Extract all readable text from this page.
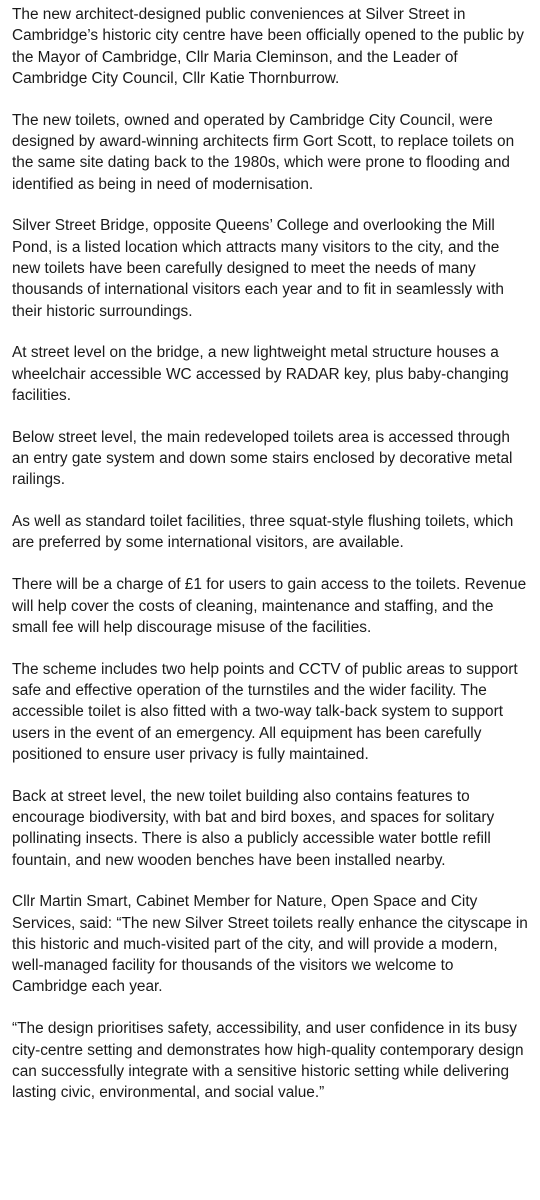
The new architect-designed public conveniences at Silver Street in Cambridge’s historic city centre have been officially opened to the public by the Mayor of Cambridge, Cllr Maria Cleminson, and the Leader of Cambridge City Council, Cllr Katie Thornburrow.

The new toilets, owned and operated by Cambridge City Council, were designed by award-winning architects firm Gort Scott, to replace toilets on the same site dating back to the 1980s, which were prone to flooding and identified as being in need of modernisation.

Silver Street Bridge, opposite Queens’ College and overlooking the Mill Pond, is a listed location which attracts many visitors to the city, and the new toilets have been carefully designed to meet the needs of many thousands of international visitors each year and to fit in seamlessly with their historic surroundings.

At street level on the bridge, a new lightweight metal structure houses a wheelchair accessible WC accessed by RADAR key, plus baby-changing facilities.

Below street level, the main redeveloped toilets area is accessed through an entry gate system and down some stairs enclosed by decorative metal railings.

As well as standard toilet facilities, three squat-style flushing toilets, which are preferred by some international visitors, are available.

There will be a charge of £1 for users to gain access to the toilets. Revenue will help cover the costs of cleaning, maintenance and staffing, and the small fee will help discourage misuse of the facilities.

The scheme includes two help points and CCTV of public areas to support safe and effective operation of the turnstiles and the wider facility. The accessible toilet is also fitted with a two-way talk-back system to support users in the event of an emergency. All equipment has been carefully positioned to ensure user privacy is fully maintained.

Back at street level, the new toilet building also contains features to encourage biodiversity, with bat and bird boxes, and spaces for solitary pollinating insects. There is also a publicly accessible water bottle refill fountain, and new wooden benches have been installed nearby.

Cllr Martin Smart, Cabinet Member for Nature, Open Space and City Services, said: “The new Silver Street toilets really enhance the cityscape in this historic and much-visited part of the city, and will provide a modern, well-managed facility for thousands of the visitors we welcome to Cambridge each year.

“The design prioritises safety, accessibility, and user confidence in its busy city-centre setting and demonstrates how high-quality contemporary design can successfully integrate with a sensitive historic setting while delivering lasting civic, environmental, and social value.”
